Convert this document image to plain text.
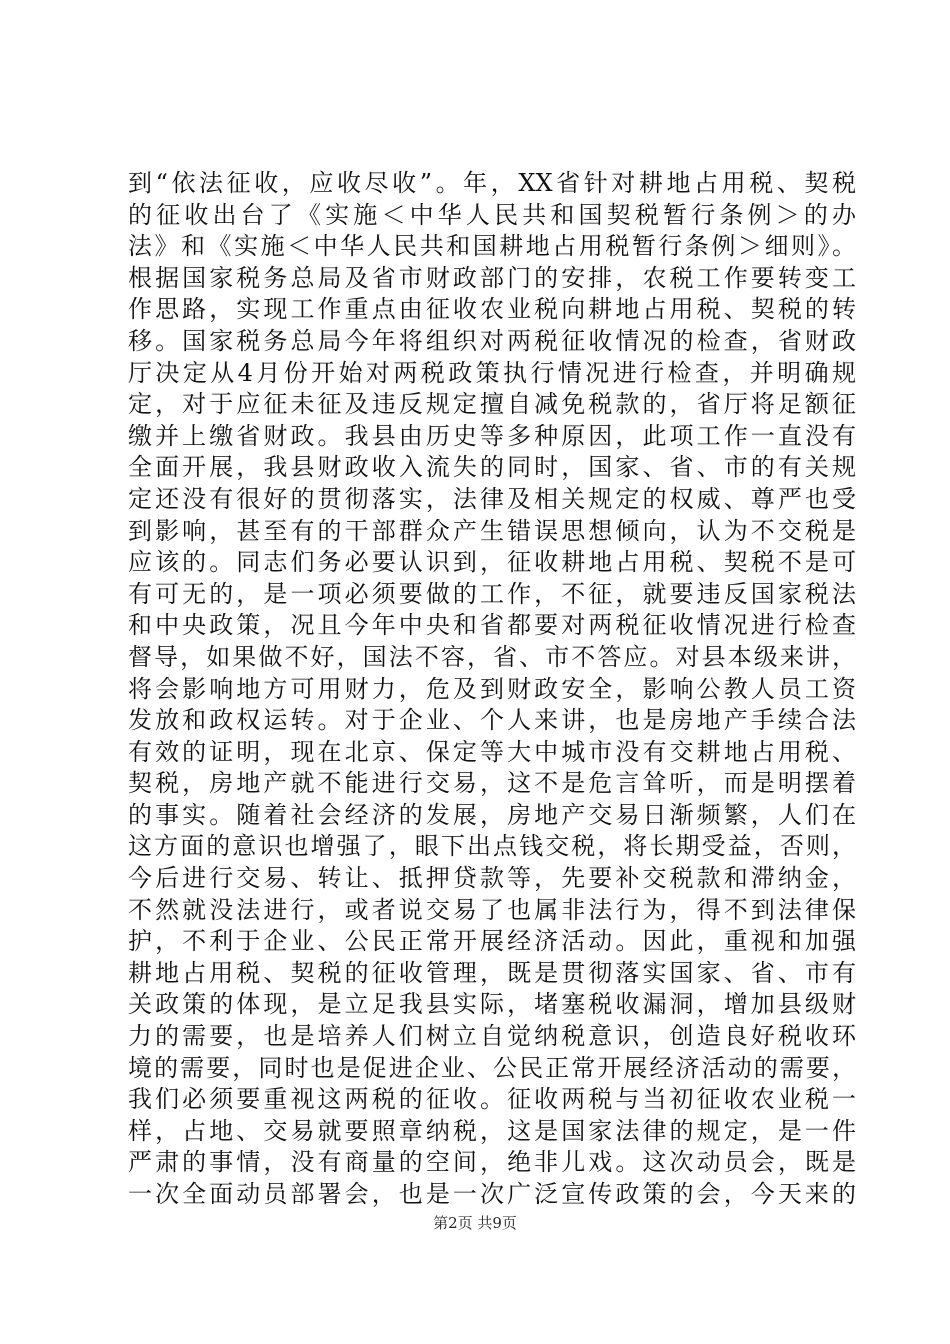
到“依法征收，应收尽收”。年，XX省针对耕地占用税、契税
的征收出台了《实施＜中华人民共和国契税暂行条例＞的办
法》和《实施＜中华人民共和国耕地占用税暂行条例＞细则》。
根据国家税务总局及省市财政部门的安排，农税工作要转变工
作思路，实现工作重点由征收农业税向耕地占用税、契税的转
移。国家税务总局今年将组织对两税征收情况的检查，省财政
厅决定从4月份开始对两税政策执行情况进行检查，并明确规
定，对于应征未征及违反规定擅自减免税款的，省厅将足额征
缴并上缴省财政。我县由历史等多种原因，此项工作一直没有
全面开展，我县财政收入流失的同时，国家、省、市的有关规
定还没有很好的贯彻落实，法律及相关规定的权威、尊严也受
到影响，甚至有的干部群众产生错误思想倾向，认为不交税是
应该的。同志们务必要认识到，征收耕地占用税、契税不是可
有可无的，是一项必须要做的工作，不征，就要违反国家税法
和中央政策，况且今年中央和省都要对两税征收情况进行检查
督导，如果做不好，国法不容，省、市不答应。对县本级来讲，
将会影响地方可用财力，危及到财政安全，影响公教人员工资
发放和政权运转。对于企业、个人来讲，也是房地产手续合法
有效的证明，现在北京、保定等大中城市没有交耕地占用税、
契税，房地产就不能进行交易，这不是危言耸听，而是明摆着
的事实。随着社会经济的发展，房地产交易日渐频繁，人们在
这方面的意识也增强了，眼下出点钱交税，将长期受益，否则，
今后进行交易、转让、抵押贷款等，先要补交税款和滞纳金，
不然就没法进行，或者说交易了也属非法行为，得不到法律保
护，不利于企业、公民正常开展经济活动。因此，重视和加强
耕地占用税、契税的征收管理，既是贯彻落实国家、省、市有
关政策的体现，是立足我县实际，堵塞税收漏洞，增加县级财
力的需要，也是培养人们树立自觉纳税意识，创造良好税收环
境的需要，同时也是促进企业、公民正常开展经济活动的需要，
我们必须要重视这两税的征收。征收两税与当初征收农业税一
样，占地、交易就要照章纳税，这是国家法律的规定，是一件
严肃的事情，没有商量的空间，绝非儿戏。这次动员会，既是
一次全面动员部署会，也是一次广泛宣传政策的会，今天来的
第2页 共9页
